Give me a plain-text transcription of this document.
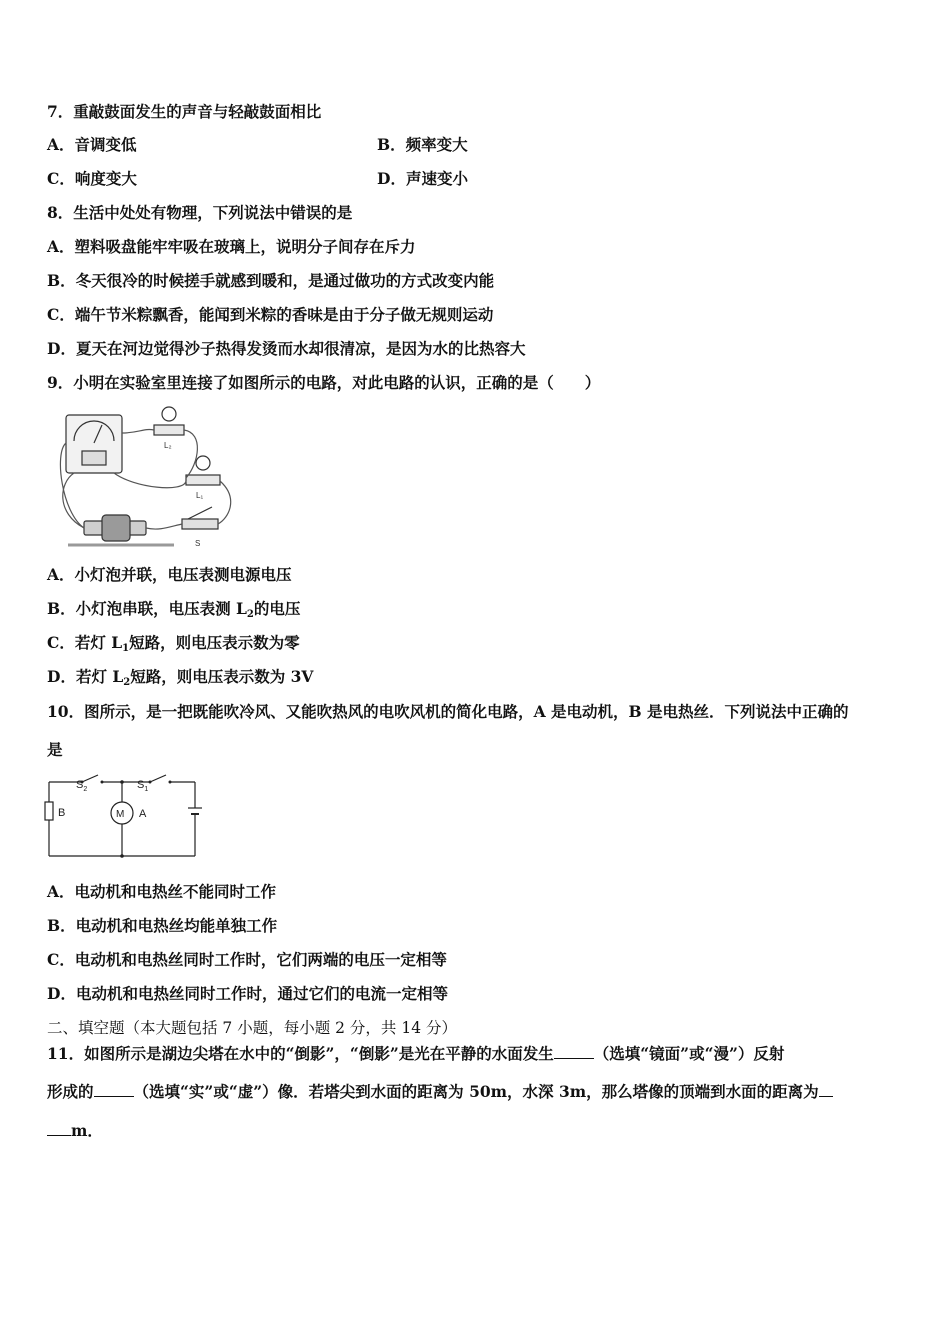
7．重敲鼓面发生的声音与轻敲鼓面相比
A．音调变低	B．频率变大
C．响度变大	D．声速变小
8．生活中处处有物理，下列说法中错误的是
A．塑料吸盘能牢牢吸在玻璃上，说明分子间存在斥力
B．冬天很冷的时候搓手就感到暖和，是通过做功的方式改变内能
C．端午节米粽飘香，能闻到米粽的香味是由于分子做无规则运动
D．夏天在河边觉得沙子热得发烫而水却很清凉，是因为水的比热容大
9．小明在实验室里连接了如图所示的电路，对此电路的认识，正确的是（　　）
L₂
L₁
S
A．小灯泡并联，电压表测电源电压
B．小灯泡串联，电压表测 $L_2$的电压
C．若灯 $L_1$短路，则电压表示数为零
D．若灯 $L_2$短路，则电压表示数为 3V
10．图所示，是一把既能吹冷风、又能吹热风的电吹风机的简化电路，A 是电动机，B 是电热丝．下列说法中正确的
是
$S_2$	$S_1$
B	M A
A．电动机和电热丝不能同时工作
B．电动机和电热丝均能单独工作
C．电动机和电热丝同时工作时，它们两端的电压一定相等
D．电动机和电热丝同时工作时，通过它们的电流一定相等
二、填空题（本大题包括 7 小题，每小题 2 分，共 14 分）
11．如图所示是湖边尖塔在水中的“倒影”，“倒影”是光在平静的水面发生	（选填“镜面”或“漫”）反射
形成的	（选填“实”或“虚”）像．若塔尖到水面的距离为 50m，水深 3m，那么塔像的顶端到水面的距离为
m．
